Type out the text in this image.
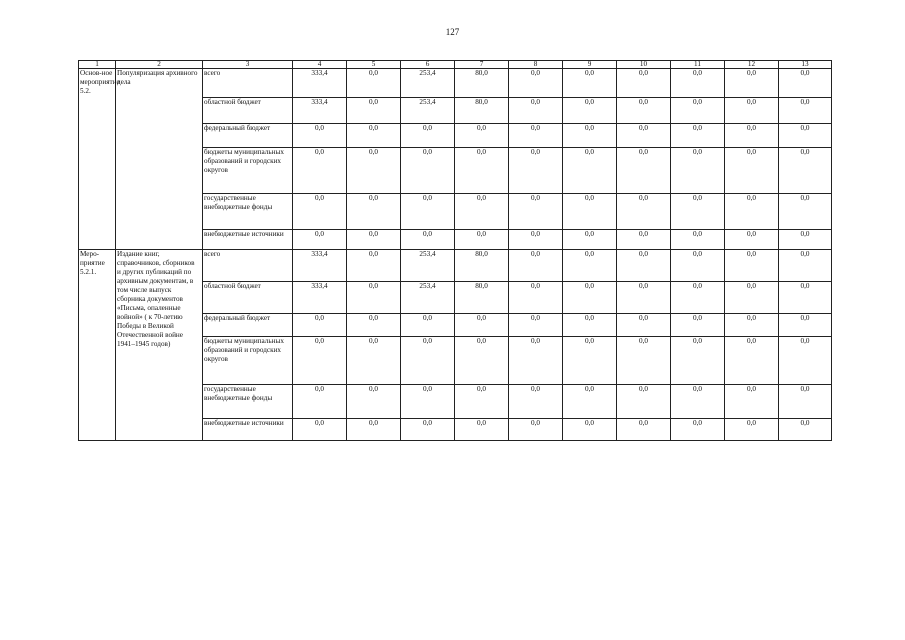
127
1	2	3	4	5	6	7	8	9	10	11	12	13
Основ-ное мероприятие 5.2.	Популяризация архивного дела	всего	333,4	0,0	253,4	80,0	0,0	0,0	0,0	0,0	0,0	0,0
		областной бюджет	333,4	0,0	253,4	80,0	0,0	0,0	0,0	0,0	0,0	0,0
		федеральный бюджет	0,0	0,0	0,0	0,0	0,0	0,0	0,0	0,0	0,0	0,0
		бюджеты муниципальных образований и городских округов	0,0	0,0	0,0	0,0	0,0	0,0	0,0	0,0	0,0	0,0
		государственные внебюджетные фонды	0,0	0,0	0,0	0,0	0,0	0,0	0,0	0,0	0,0	0,0
		внебюджетные источники	0,0	0,0	0,0	0,0	0,0	0,0	0,0	0,0	0,0	0,0
Меро-приятие 5.2.1.	Издание книг, справочников, сборников и других публикаций по архивным документам, в том числе выпуск сборника документов «Письма, опаленные войной» ( к 70-летию Победы в Великой Отечественной войне 1941–1945 годов)	всего	333,4	0,0	253,4	80,0	0,0	0,0	0,0	0,0	0,0	0,0
		областной бюджет	333,4	0,0	253,4	80,0	0,0	0,0	0,0	0,0	0,0	0,0
		федеральный бюджет	0,0	0,0	0,0	0,0	0,0	0,0	0,0	0,0	0,0	0,0
		бюджеты муниципальных образований и городских округов	0,0	0,0	0,0	0,0	0,0	0,0	0,0	0,0	0,0	0,0
		государственные внебюджетные фонды	0,0	0,0	0,0	0,0	0,0	0,0	0,0	0,0	0,0	0,0
		внебюджетные источники	0,0	0,0	0,0	0,0	0,0	0,0	0,0	0,0	0,0	0,0
